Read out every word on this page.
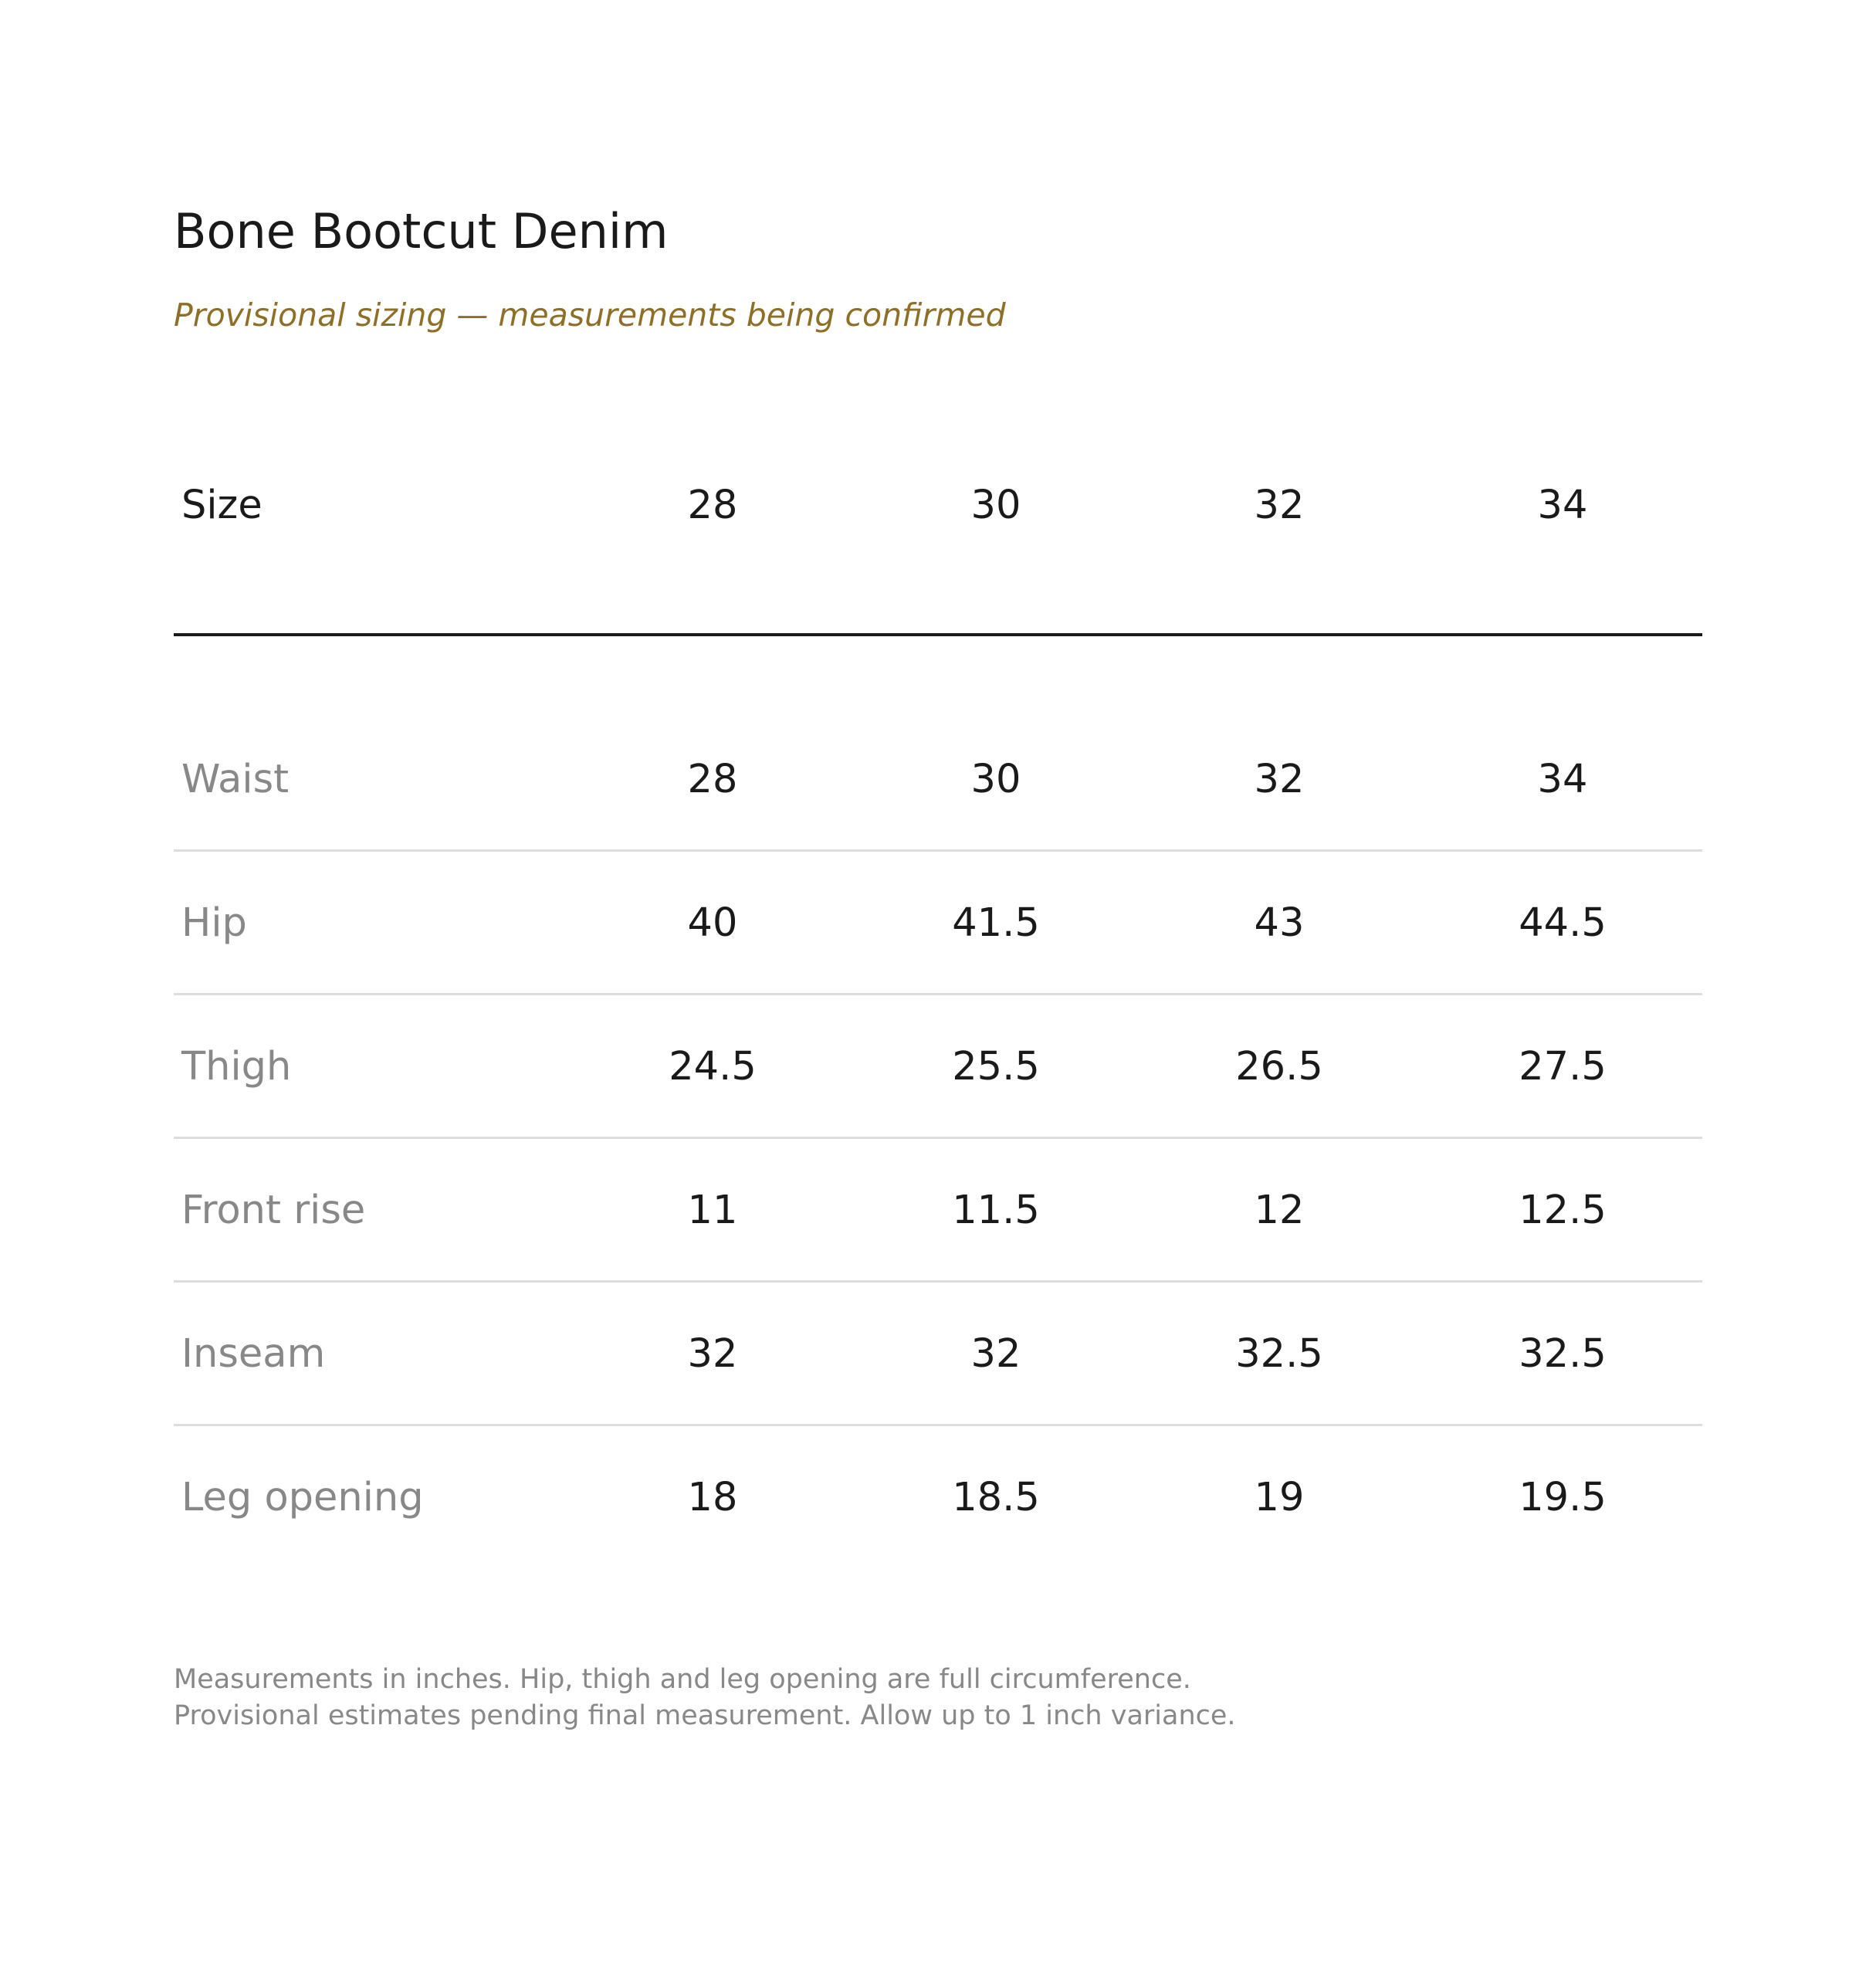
Bone Bootcut Denim
Provisional sizing — measurements being confirmed
Size	28	30	32	34
Waist	28	30	32	34
Hip	40	41.5	43	44.5
Thigh	24.5	25.5	26.5	27.5
Front rise	11	11.5	12	12.5
Inseam	32	32	32.5	32.5
Leg opening	18	18.5	19	19.5
Measurements in inches. Hip, thigh and leg opening are full circumference.
Provisional estimates pending final measurement. Allow up to 1 inch variance.
